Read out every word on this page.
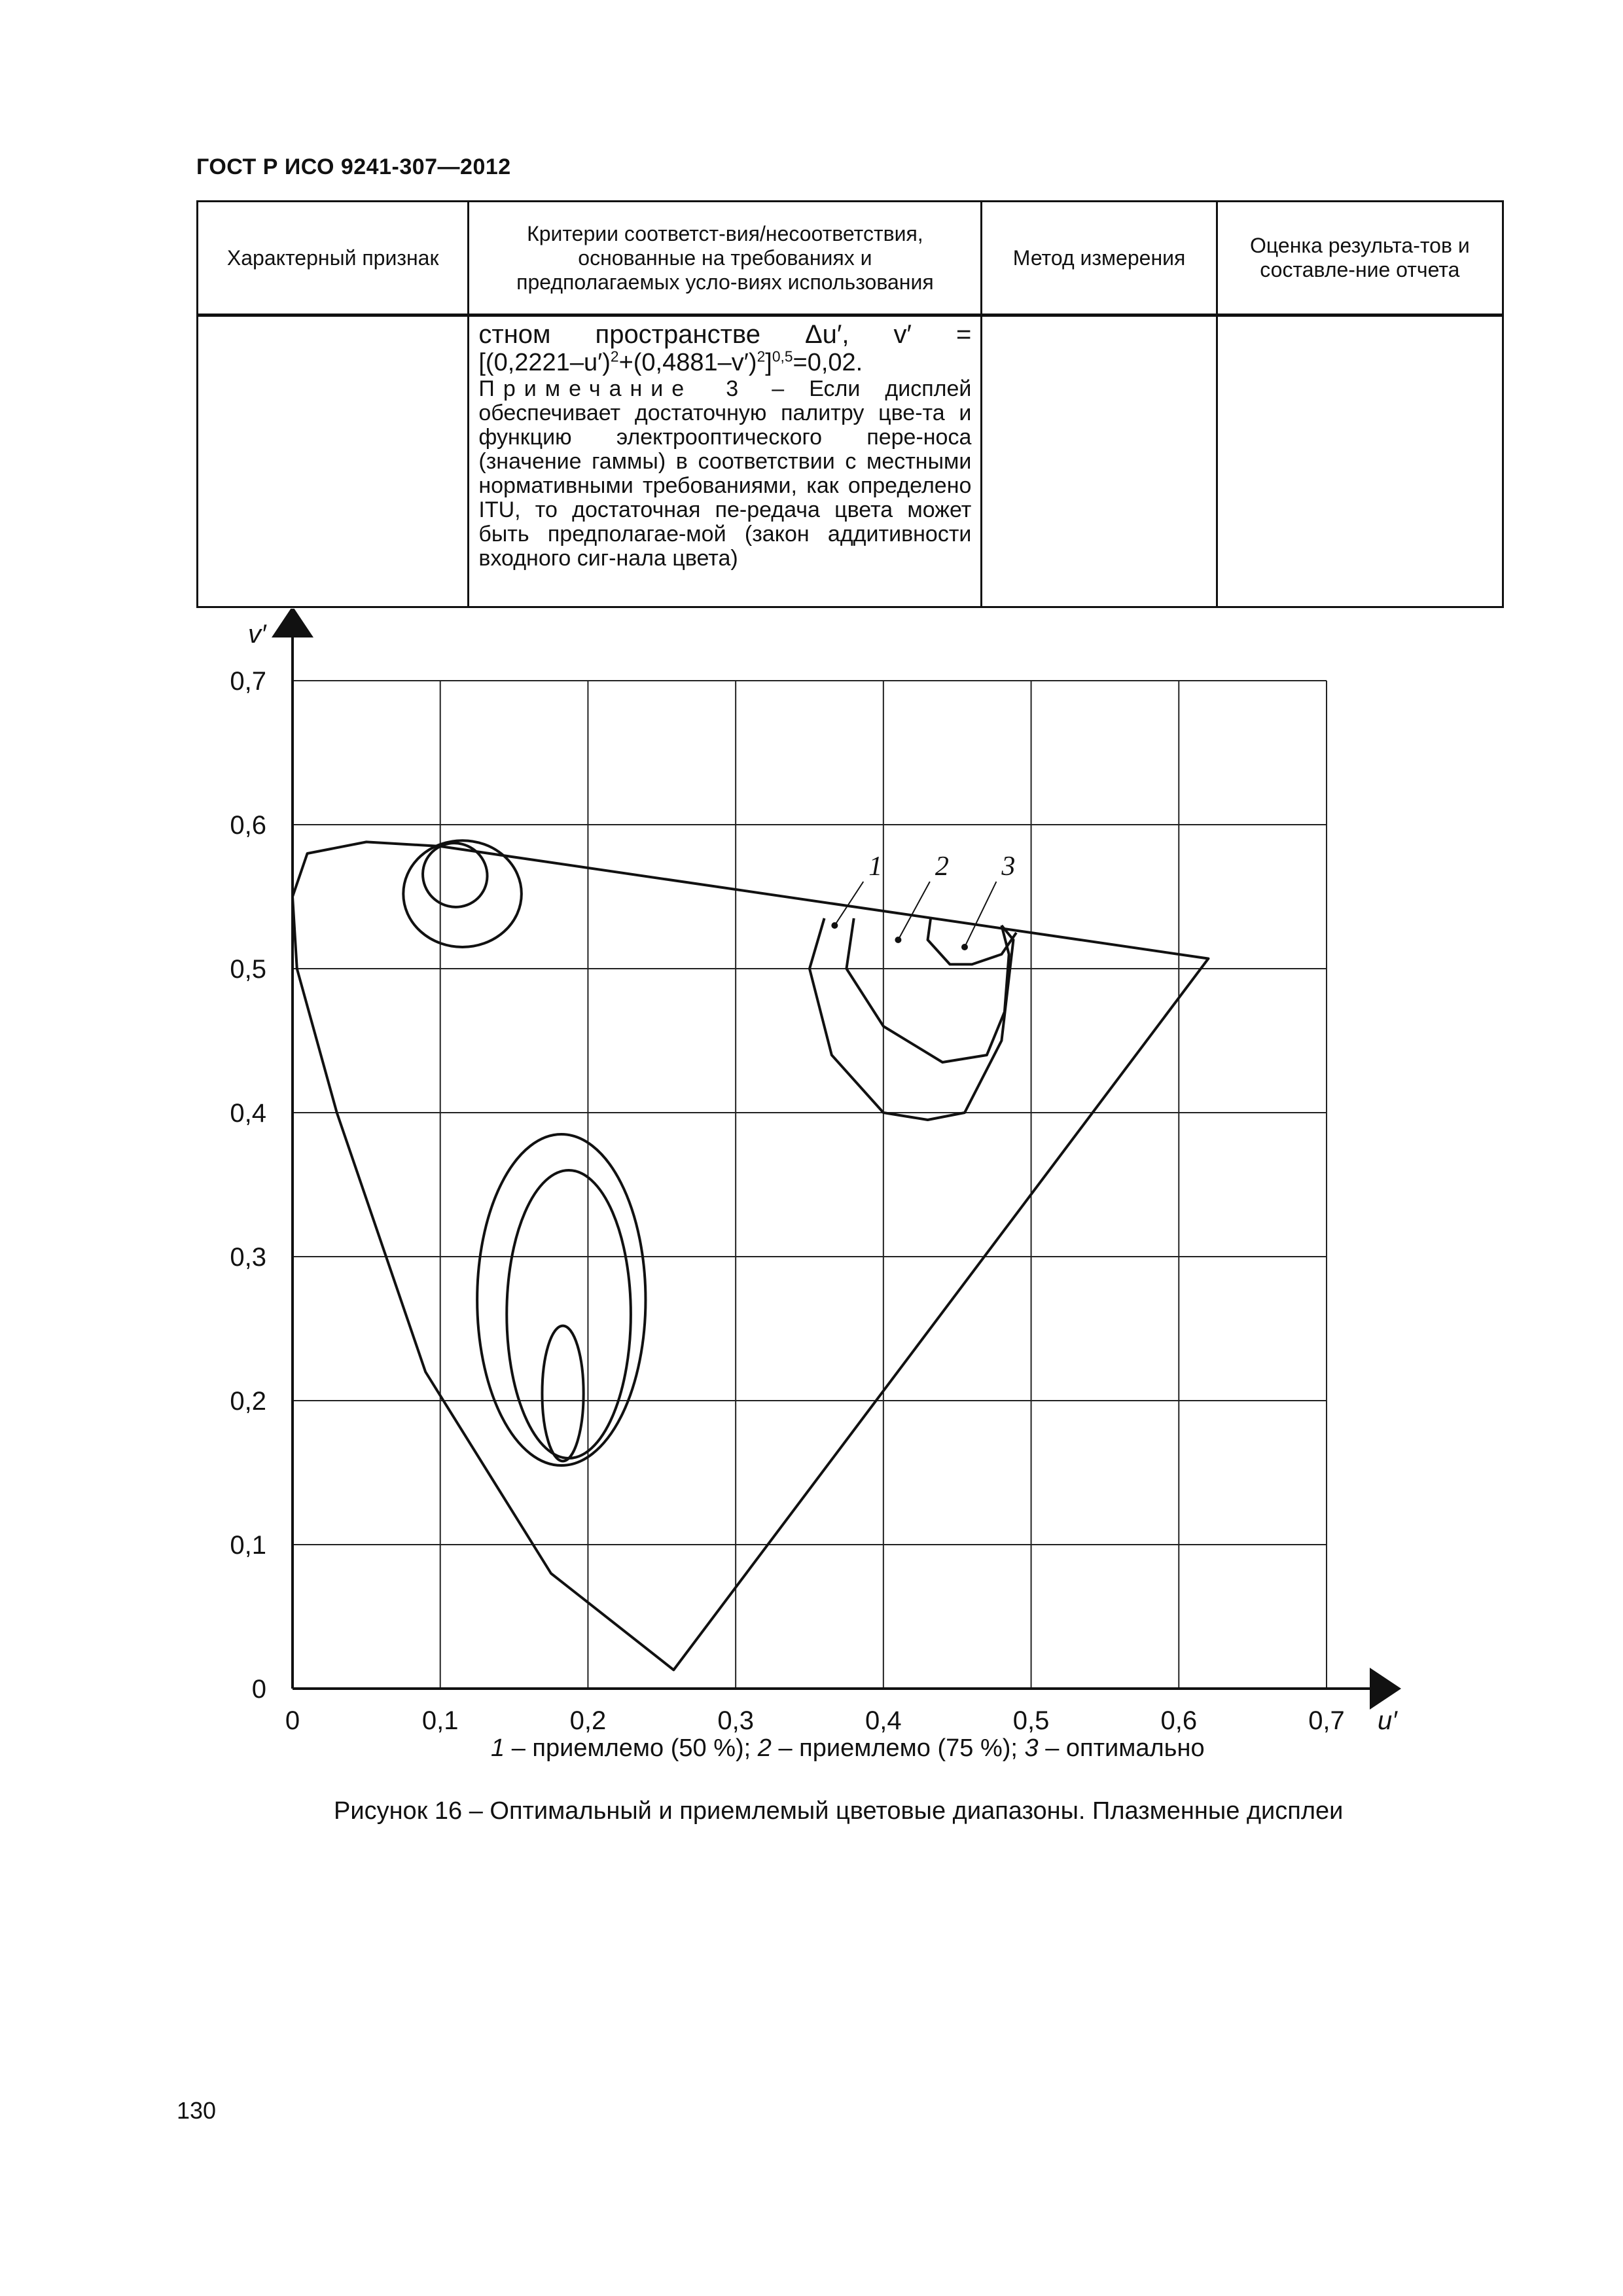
ГОСТ Р ИСО 9241-307—2012
Характерный признак	Критерии соответст-вия/несоответствия, основанные на требованиях и предполагаемых усло-виях использования	Метод измерения	Оценка результа-тов и составле-ние отчета

	стном пространстве Δu′, v′ =
$[(0,2221-u')^2+(0,4881-v')^2]^{0,5}=0,02$.
Примечание 3 – Если дисплей обеспечивает достаточную палитру цве-та и функцию электрооптического пере-носа (значение гаммы) в соответствии с местными нормативными требованиями, как определено ITU, то достаточная пе-редача цвета может быть предполагае-мой (закон аддитивности входного сиг-нала цвета)		

0,7
0,6
0,5
0,4
0,3
0,2
0,1
0
0	0,1	0,2	0,3	0,4	0,5	0,6	0,7
v′
u′
1 2 3
1 – приемлемо (50 %); 2 – приемлемо (75 %); 3 – оптимально
Рисунок 16 – Оптимальный и приемлемый цветовые диапазоны. Плазменные дисплеи
130
